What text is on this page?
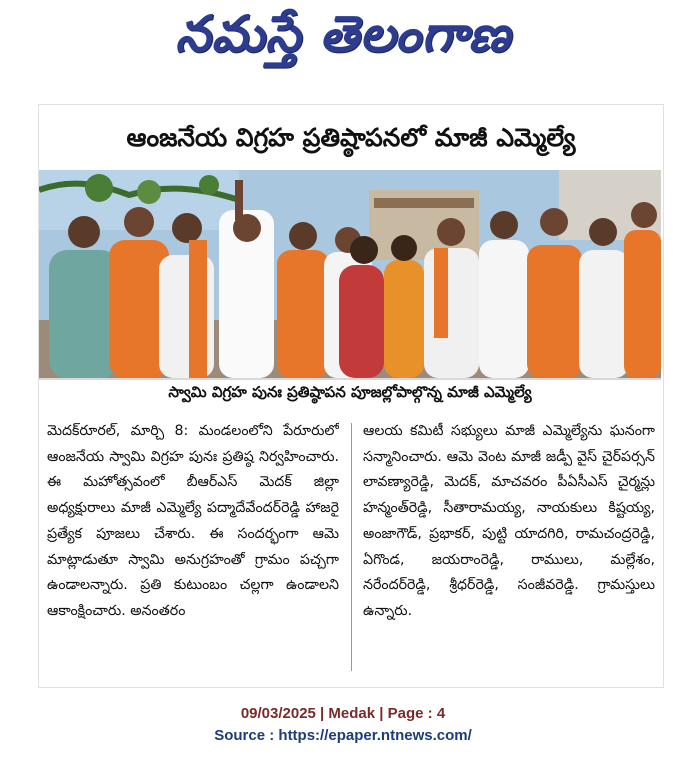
నమస్తే తెలంగాణ
ఆంజనేయ విగ్రహ ప్రతిష్ఠాపనలో మాజీ ఎమ్మెల్యే
స్వామి విగ్రహ పునః ప్రతిష్ఠాపన పూజల్లోపాల్గొన్న మాజీ ఎమ్మెల్యే
మెదక్‌రూరల్‌, మార్చి 8: మండలంలోని పేరూరులో ఆంజనేయ స్వామి విగ్రహ పునః ప్రతిష్ఠ నిర్వహించారు. ఈ మహోత్సవంలో బీఆర్‌ఎస్‌ మెదక్‌ జిల్లా అధ్యక్షురాలు మాజీ ఎమ్మెల్యే పద్మాదేవేందర్‌రెడ్డి హాజరై ప్రత్యేక పూజలు చేశారు. ఈ సందర్భంగా ఆమె మాట్లాడుతూ స్వామి అనుగ్రహంతో గ్రామం పచ్చగా ఉండాలన్నారు. ప్రతి కుటుంబం చల్లగా ఉండాలని ఆకాంక్షించారు. అనంతరం
ఆలయ కమిటీ సభ్యులు మాజీ ఎమ్మెల్యేను ఘనంగా సన్మానించారు. ఆమె వెంట మాజీ జడ్పీ వైస్‌ చైర్‌పర్సన్‌ లావణ్యారెడ్డి, మెదక్‌, మాచవరం పీఏసీఎస్‌ చైర్మన్లు హన్మంత్‌రెడ్డి, సీతారామయ్య, నాయకులు కిష్టయ్య, అంజాగౌడ్‌, ప్రభాకర్‌, పుట్టి యాదగిరి, రామచంద్రరెడ్డి, ఏగొండ, జయరాంరెడ్డి, రాములు, మల్లేశం, నరేందర్‌రెడ్డి, శ్రీధర్‌రెడ్డి, సంజీవరెడ్డి. గ్రామస్తులు ఉన్నారు.
09/03/2025 | Medak | Page : 4
Source : https://epaper.ntnews.com/
